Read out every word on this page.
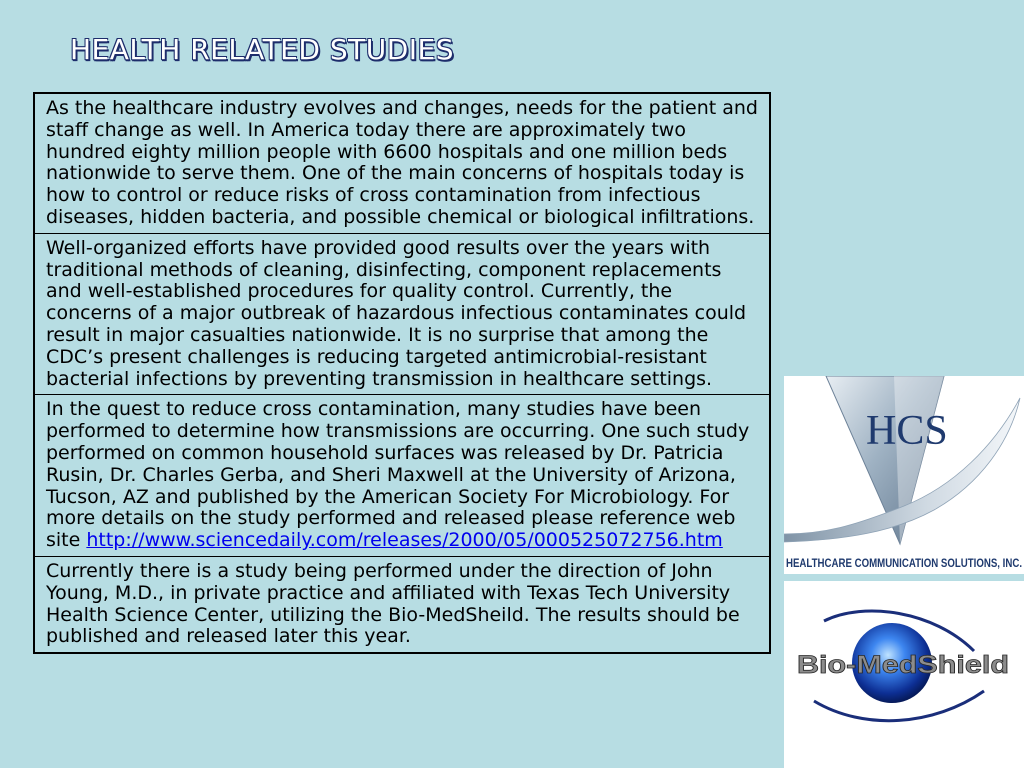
HEALTH RELATED STUDIES
As the healthcare industry evolves and changes, needs for the patient and staff change as well. In America today there are approximately two hundred eighty million people with 6600 hospitals and one million beds nationwide to serve them. One of the main concerns of hospitals today is how to control or reduce risks of cross contamination from infectious diseases, hidden bacteria, and possible chemical or biological infiltrations.
Well-organized efforts have provided good results over the years with traditional methods of cleaning, disinfecting, component replacements and well-established procedures for quality control. Currently, the concerns of a major outbreak of hazardous infectious contaminates could result in major casualties nationwide. It is no surprise that among the CDC’s present challenges is reducing targeted antimicrobial-resistant bacterial infections by preventing transmission in healthcare settings.
In the quest to reduce cross contamination, many studies have been performed to determine how transmissions are occurring. One such study performed on common household surfaces was released by Dr. Patricia Rusin, Dr. Charles Gerba, and Sheri Maxwell at the University of Arizona, Tucson, AZ and published by the American Society For Microbiology. For more details on the study performed and released please reference web site http://www.sciencedaily.com/releases/2000/05/000525072756.htm
Currently there is a study being performed under the direction of John Young, M.D., in private practice and affiliated with Texas Tech University Health Science Center, utilizing the Bio-MedSheild. The results should be published and released later this year.
HCS
HEALTHCARE COMMUNICATION SOLUTIONS, INC.
Bio-MedShield
